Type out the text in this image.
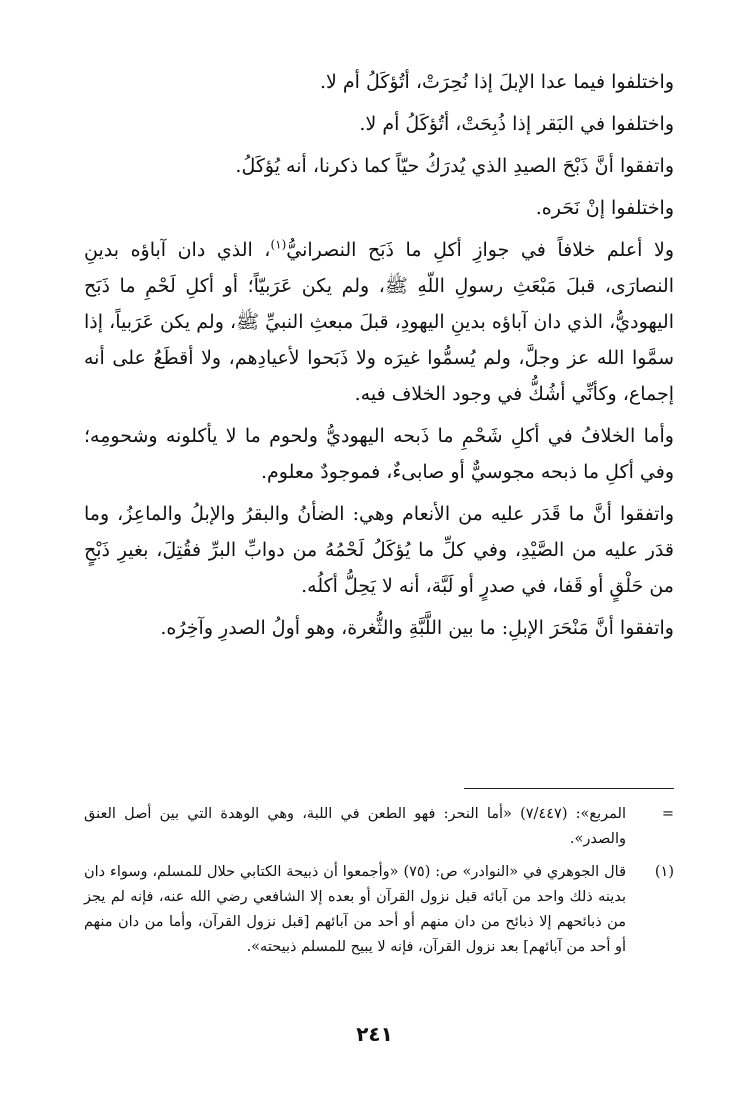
واختلفوا فيما عدا الإبلَ إذا نُحِرَتْ، أتُؤكَلُ أم لا.

واختلفوا في البَقر إذا ذُبِحَتْ، أتُؤكَلُ أم لا.

واتفقوا أنَّ ذَبْحَ الصيدِ الذي يُدرَكُ حيّاً كما ذكرنا، أنه يُؤكَلُ.

واختلفوا إنْ نَحَره.

ولا أعلم خلافاً في جوازِ أكلِ ما ذَبَح النصرانيُّ$^{(١)}$، الذي دان آباؤه بدينِ النصارَى، قبلَ مَبْعَثِ رسولِ اللّهِ ﷺ، ولم يكن عَرَبيّاً؛ أو أكلِ لَحْمِ ما ذَبَح اليهوديُّ، الذي دان آباؤه بدينِ اليهودِ، قبلَ مبعثِ النبيِّ ﷺ، ولم يكن عَرَبياً، إذا سمَّوا الله عز وجلَّ، ولم يُسمُّوا غيرَه ولا ذَبَحوا لأعيادِهم، ولا أقطَعُ على أنه إجماع، وكأنِّي أشُكُّ في وجود الخلاف فيه.

وأما الخلافُ في أكلِ شَحْمِ ما ذَبحه اليهوديُّ ولحوم ما لا يأكلونه وشحومِه؛ وفي أكلِ ما ذبحه مجوسيٌّ أو صابىءٌ، فموجودٌ معلوم.

واتفقوا أنَّ ما قَدَر عليه من الأنعام وهي: الضأنُ والبقرُ والإبلُ والماعِزُ، وما قدَر عليه من الصَّيْدِ، وفي كلِّ ما يُؤكَلُ لَحْمُهُ من دوابِّ البرِّ فقُتِلَ، بغيرِ ذَبْحٍ من حَلْقٍ أو قَفا، في صدرٍ أو لَبَّة، أنه لا يَحِلُّ أكلُه.

واتفقوا أنَّ مَنْحَرَ الإبلِ: ما بين اللَّبَّةِ والثُّغرة، وهو أولُ الصدرِ وآخِرُه.

=
المربع»: (٧/٤٤٧) «أما النحر: فهو الطعن في اللبة، وهي الوهدة التي بين أصل العنق والصدر».
(١)
قال الجوهري في «النوادر» ص: (٧٥) «وأجمعوا أن ذبيحة الكتابي حلال للمسلم، وسواء دان بدينه ذلك واحد من آبائه قبل نزول القرآن أو بعده إلا الشافعي رضي الله عنه، فإنه لم يجز من ذبائحهم إلا ذبائح من دان منهم أو أحد من آبائهم [قبل نزول القرآن، وأما من دان منهم أو أحد من آبائهم] بعد نزول القرآن، فإنه لا يبيح للمسلم ذبيحته».
٢٤١
